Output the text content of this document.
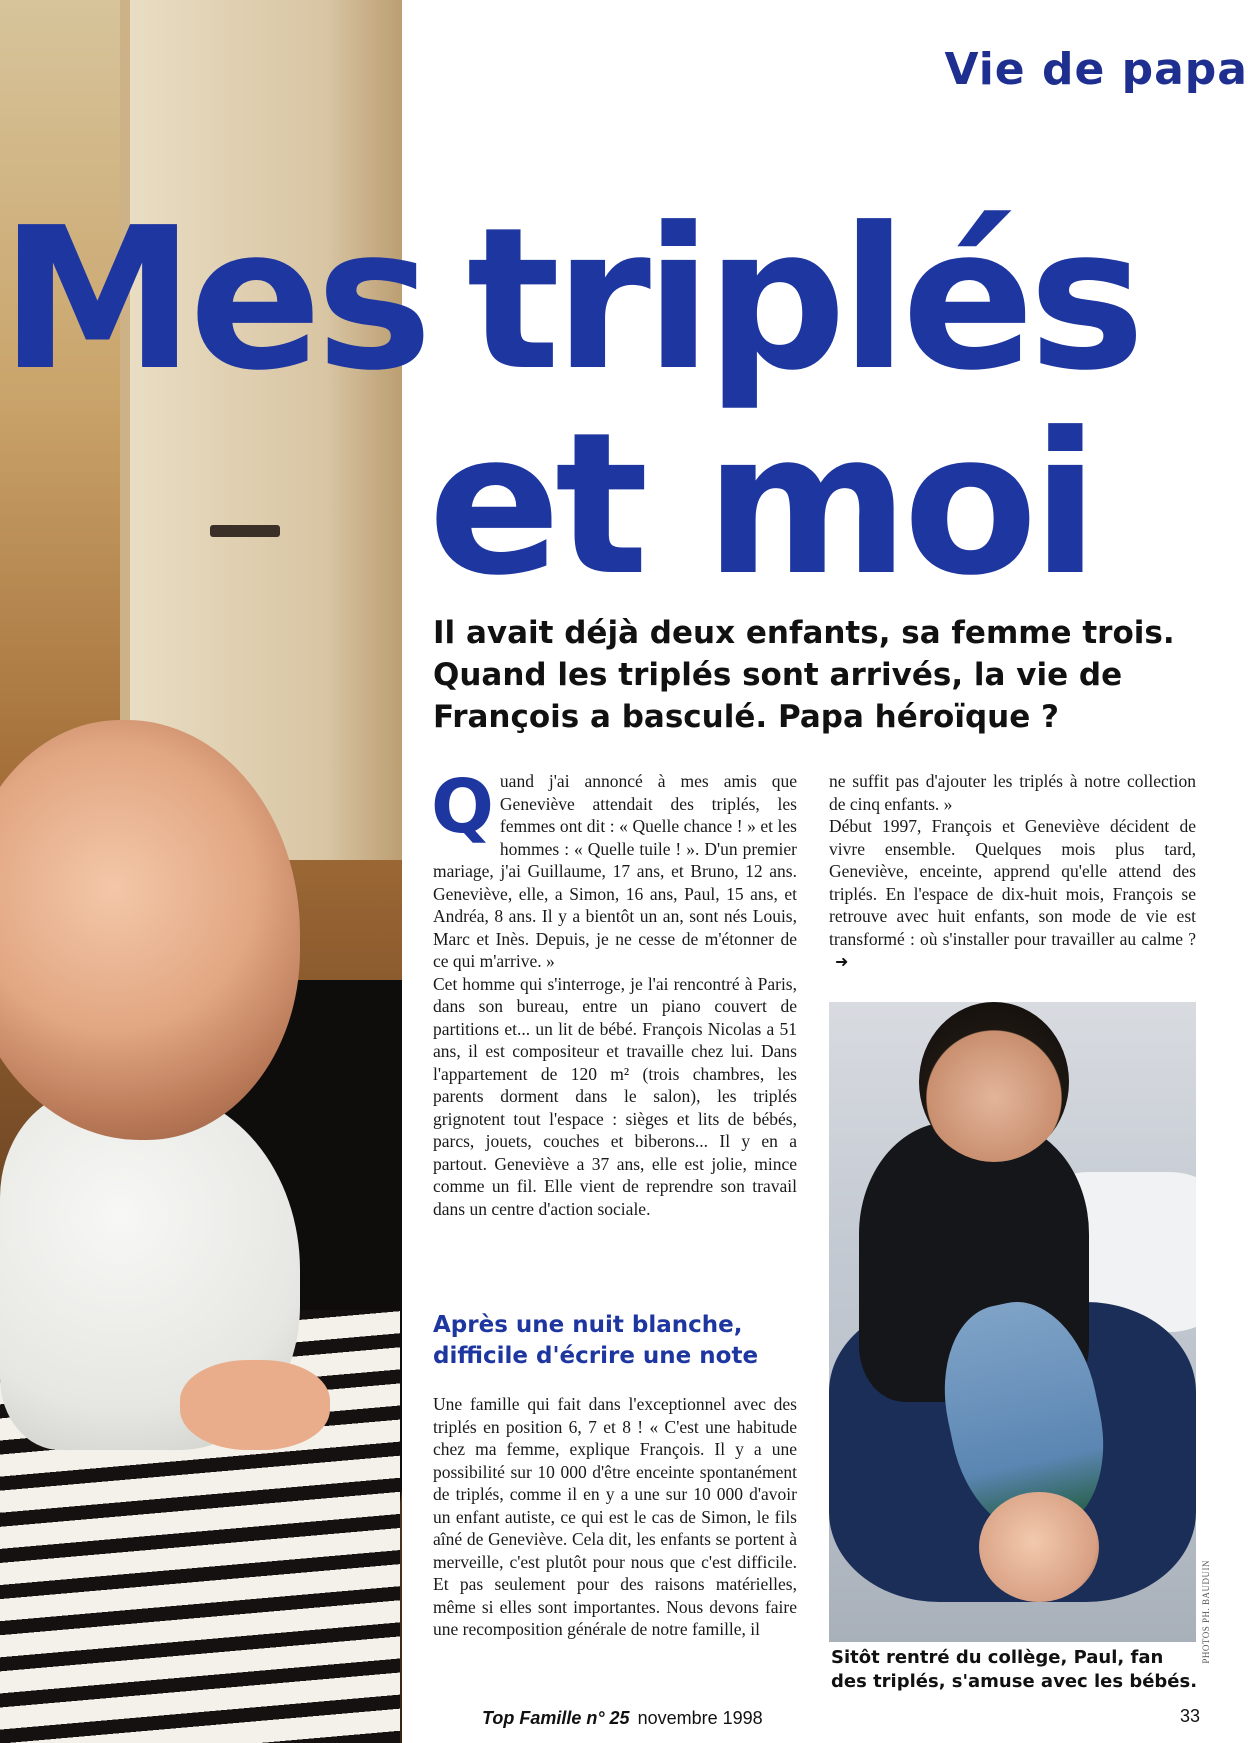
Vie de papa
Mes triplés
et moi
Il avait déjà deux enfants, sa femme trois. Quand les triplés sont arrivés, la vie de François a basculé. Papa héroïque ?

Quand j'ai annoncé à mes amis que Geneviève attendait des triplés, les femmes ont dit : « Quelle chance ! » et les hommes : « Quelle tuile ! ». D'un premier mariage, j'ai Guillaume, 17 ans, et Bruno, 12 ans. Geneviève, elle, a Simon, 16 ans, Paul, 15 ans, et Andréa, 8 ans. Il y a bientôt un an, sont nés Louis, Marc et Inès. Depuis, je ne cesse de m'étonner de ce qui m'arrive. »

Cet homme qui s'interroge, je l'ai rencontré à Paris, dans son bureau, entre un piano couvert de partitions et... un lit de bébé. François Nicolas a 51 ans, il est compositeur et travaille chez lui. Dans l'appartement de 120 m² (trois chambres, les parents dorment dans le salon), les triplés grignotent tout l'espace : sièges et lits de bébés, parcs, jouets, couches et biberons... Il y en a partout. Geneviève a 37 ans, elle est jolie, mince comme un fil. Elle vient de reprendre son travail dans un centre d'action sociale.

Après une nuit blanche, difficile d'écrire une note

Une famille qui fait dans l'exceptionnel avec des triplés en position 6, 7 et 8 ! « C'est une habitude chez ma femme, explique François. Il y a une possibilité sur 10 000 d'être enceinte spontanément de triplés, comme il en y a une sur 10 000 d'avoir un enfant autiste, ce qui est le cas de Simon, le fils aîné de Geneviève. Cela dit, les enfants se portent à merveille, c'est plutôt pour nous que c'est difficile. Et pas seulement pour des raisons matérielles, même si elles sont importantes. Nous devons faire une recomposition générale de notre famille, il

ne suffit pas d'ajouter les triplés à notre collection de cinq enfants. »

Début 1997, François et Geneviève décident de vivre ensemble. Quelques mois plus tard, Geneviève, enceinte, apprend qu'elle attend des triplés. En l'espace de dix-huit mois, François se retrouve avec huit enfants, son mode de vie est transformé : où s'installer pour travailler au calme ?➜

PHOTOS PH. BAUDUIN
Sitôt rentré du collège, Paul, fan des triplés, s'amuse avec les bébés.
Top Famille n° 25 novembre 1998	33
